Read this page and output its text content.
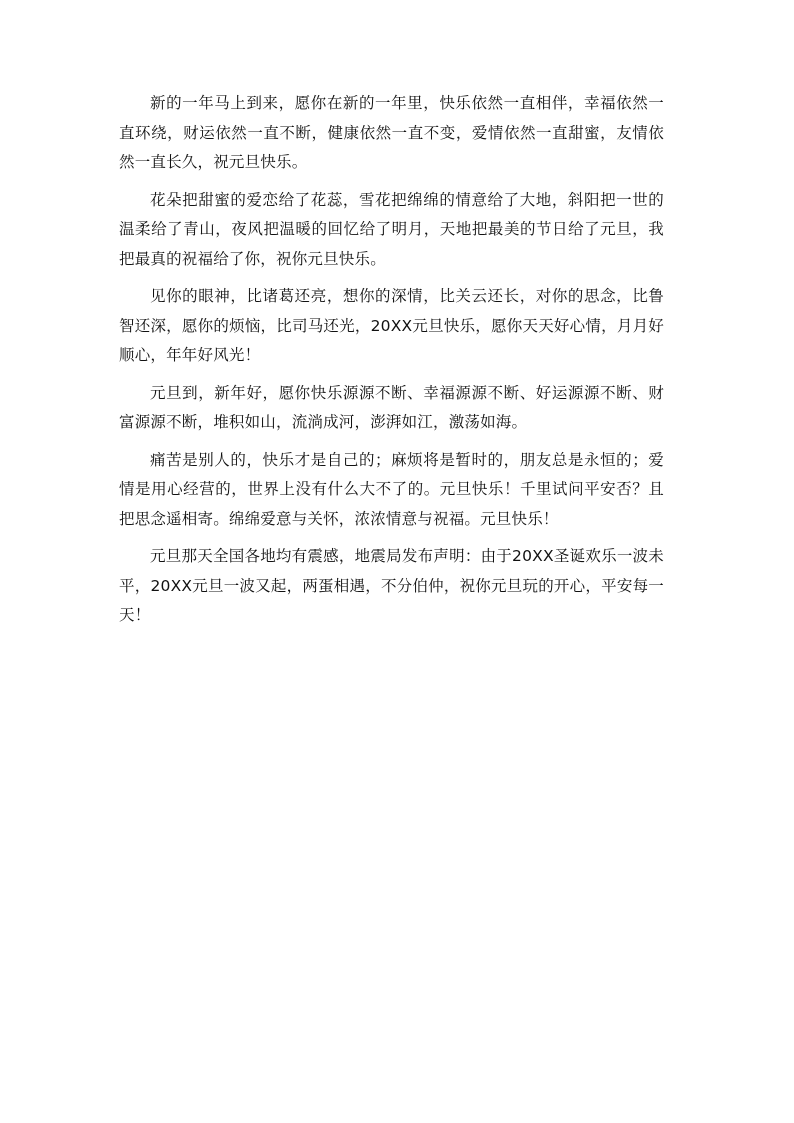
新的一年马上到来，愿你在新的一年里，快乐依然一直相伴，幸福依然一直环绕，财运依然一直不断，健康依然一直不变，爱情依然一直甜蜜，友情依然一直长久，祝元旦快乐。

花朵把甜蜜的爱恋给了花蕊，雪花把绵绵的情意给了大地，斜阳把一世的温柔给了青山，夜风把温暖的回忆给了明月，天地把最美的节日给了元旦，我把最真的祝福给了你，祝你元旦快乐。

见你的眼神，比诸葛还亮，想你的深情，比关云还长，对你的思念，比鲁智还深，愿你的烦恼，比司马还光，20XX元旦快乐，愿你天天好心情，月月好顺心，年年好风光！

元旦到，新年好，愿你快乐源源不断、幸福源源不断、好运源源不断、财富源源不断，堆积如山，流淌成河，澎湃如江，激荡如海。

痛苦是别人的，快乐才是自己的；麻烦将是暂时的，朋友总是永恒的；爱情是用心经营的，世界上没有什么大不了的。元旦快乐！千里试问平安否？且把思念遥相寄。绵绵爱意与关怀，浓浓情意与祝福。元旦快乐！

元旦那天全国各地均有震感，地震局发布声明：由于20XX圣诞欢乐一波未平，20XX元旦一波又起，两蛋相遇，不分伯仲，祝你元旦玩的开心，平安每一天！
